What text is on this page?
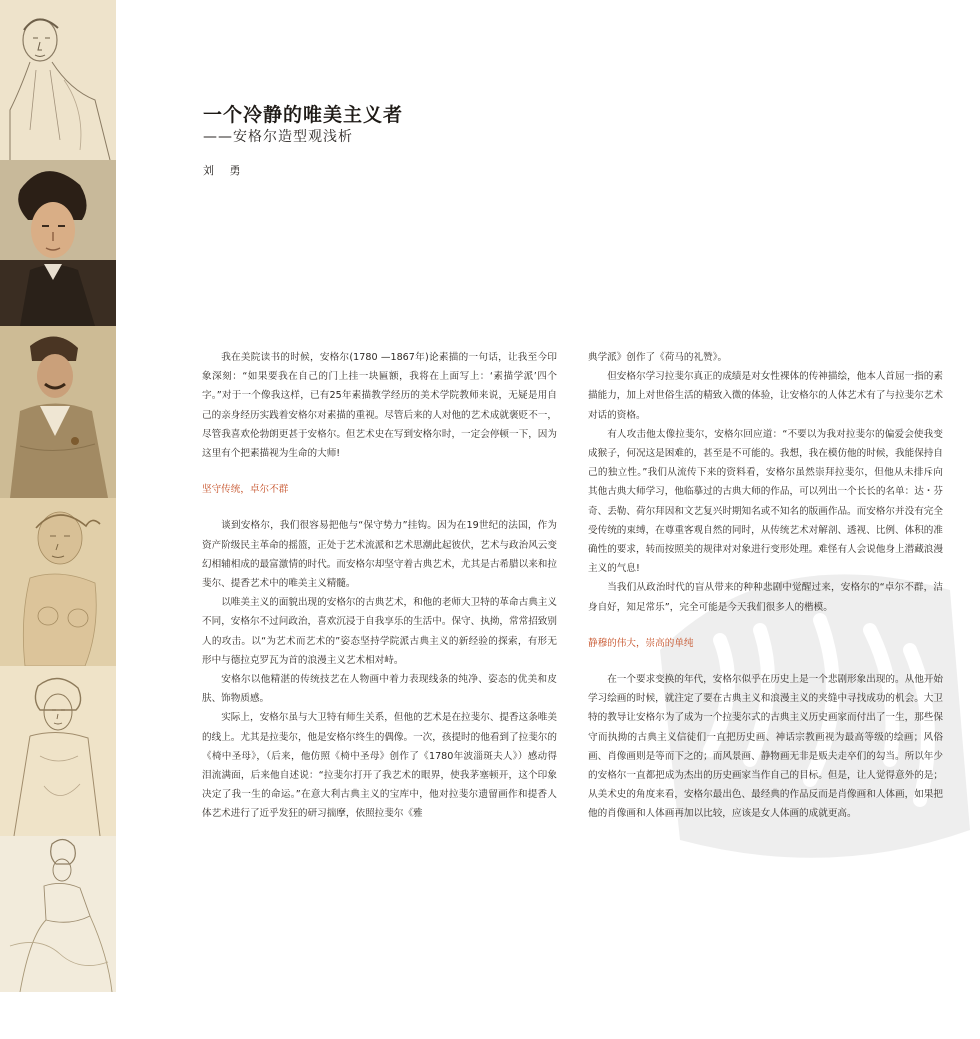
一个冷静的唯美主义者
——安格尔造型观浅析
刘 勇

我在美院读书的时候，安格尔(1780 —1867年)论素描的一句话，让我至今印象深刻：“如果要我在自己的门上挂一块匾额，我将在上面写上：‘素描学派’四个字。”对于一个像我这样，已有25年素描教学经历的美术学院教师来说，无疑是用自己的亲身经历实践着安格尔对素描的重视。尽管后来的人对他的艺术成就褒贬不一，尽管我喜欢伦勃朗更甚于安格尔。但艺术史在写到安格尔时，一定会停顿一下，因为这里有个把素描视为生命的大师!

坚守传统，卓尔不群

谈到安格尔，我们很容易把他与“保守势力”挂钩。因为在19世纪的法国，作为资产阶级民主革命的摇篮，正处于艺术流派和艺术思潮此起彼伏，艺术与政治风云变幻相辅相成的最富激情的时代。而安格尔却坚守着古典艺术，尤其是古希腊以来和拉斐尔、提香艺术中的唯美主义精髓。

以唯美主义的面貌出现的安格尔的古典艺术，和他的老师大卫特的革命古典主义不同，安格尔不过问政治，喜欢沉浸于自我享乐的生活中。保守、执拗，常常招致别人的攻击。以“为艺术而艺术的”姿态坚持学院派古典主义的新经验的探索，有形无形中与德拉克罗瓦为首的浪漫主义艺术相对峙。

安格尔以他精湛的传统技艺在人物画中着力表现线条的纯净、姿态的优美和皮肤、饰物质感。

实际上，安格尔虽与大卫特有师生关系，但他的艺术是在拉斐尔、提香这条唯美的线上。尤其是拉斐尔，他是安格尔终生的偶像。一次，孩提时的他看到了拉斐尔的《椅中圣母》，（后来，他仿照《椅中圣母》创作了《1780年波淄斑夫人》）感动得泪流满面，后来他自述说：“拉斐尔打开了我艺术的眼界，使我茅塞顿开，这个印象决定了我一生的命运。”在意大利古典主义的宝库中，他对拉斐尔遗留画作和提香人体艺术进行了近乎发狂的研习揣摩，依照拉斐尔《雅

典学派》创作了《荷马的礼赞》。

但安格尔学习拉斐尔真正的成绩是对女性裸体的传神描绘，他本人首屈一指的素描能力，加上对世俗生活的精致入微的体验，让安格尔的人体艺术有了与拉斐尔艺术对话的资格。

有人攻击他太像拉斐尔，安格尔回应道：“不要以为我对拉斐尔的偏爱会使我变成猴子，何况这是困难的，甚至是不可能的。我想，我在模仿他的时候，我能保持自己的独立性。”我们从流传下来的资料看，安格尔虽然崇拜拉斐尔，但他从未排斥向其他古典大师学习，他临摹过的古典大师的作品，可以列出一个长长的名单：达・芬奇、丢勒、荷尔拜因和文艺复兴时期知名或不知名的版画作品。而安格尔并没有完全受传统的束缚，在尊重客观自然的同时，从传统艺术对解剖、透视、比例、体积的准确性的要求，转而按照美的规律对对象进行变形处理。难怪有人会说他身上潜藏浪漫主义的气息!

当我们从政治时代的盲从带来的种种悲剧中觉醒过来，安格尔的“卓尔不群，洁身自好，知足常乐”，完全可能是今天我们很多人的楷模。

静穆的伟大，崇高的单纯

在一个要求变换的年代，安格尔似乎在历史上是一个悲剧形象出现的。从他开始学习绘画的时候，就注定了要在古典主义和浪漫主义的夹缝中寻找成功的机会。大卫特的教导让安格尔为了成为一个拉斐尔式的古典主义历史画家而付出了一生，那些保守而执拗的古典主义信徒们一直把历史画、神话宗教画视为最高等级的绘画；风俗画、肖像画则是等而下之的；而风景画、静物画无非是贩夫走卒们的勾当。所以年少的安格尔一直都把成为杰出的历史画家当作自己的目标。但是，让人觉得意外的是；从美术史的角度来看，安格尔最出色、最经典的作品反而是肖像画和人体画，如果把他的肖像画和人体画再加以比较，应该是女人体画的成就更高。
